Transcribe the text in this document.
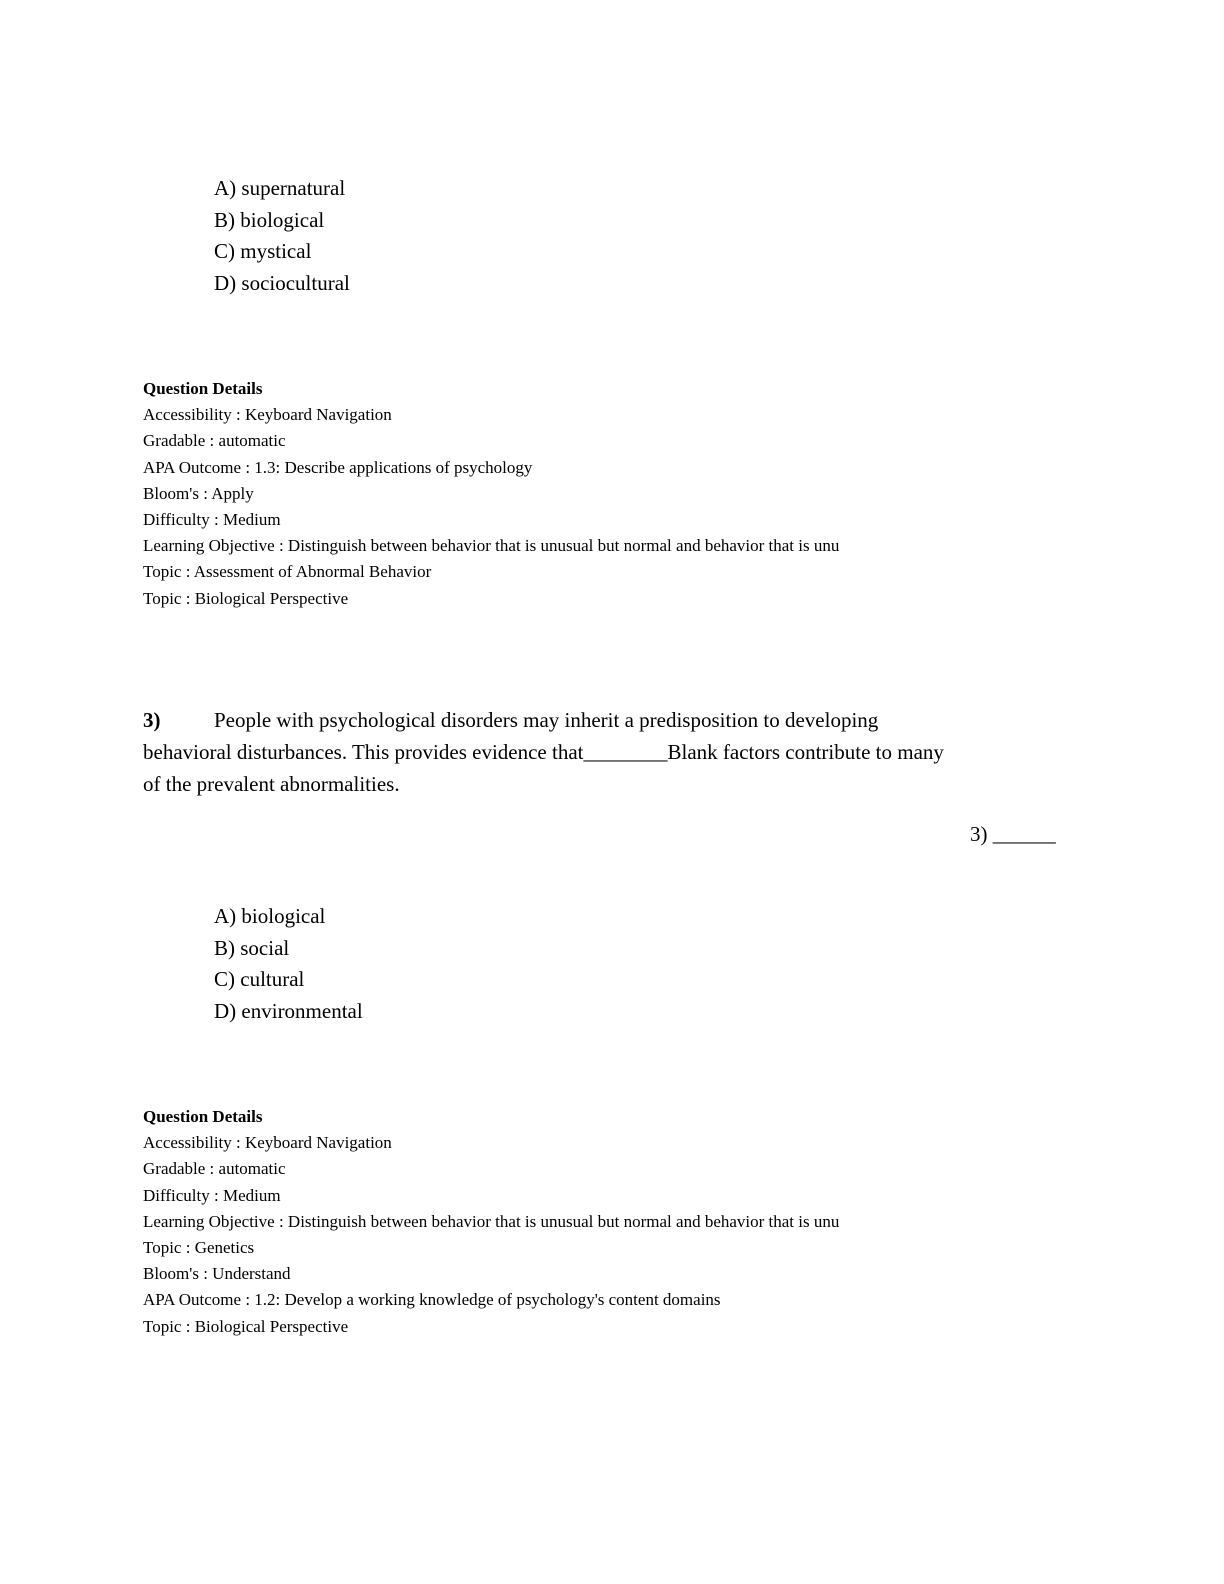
A) supernatural
B) biological
C) mystical
D) sociocultural
Question Details
Accessibility : Keyboard Navigation
Gradable : automatic
APA Outcome : 1.3: Describe applications of psychology
Bloom's : Apply
Difficulty : Medium
Learning Objective : Distinguish between behavior that is unusual but normal and behavior that is unu
Topic : Assessment of Abnormal Behavior
Topic : Biological Perspective
3)	People with psychological disorders may inherit a predisposition to developing
behavioral disturbances. This provides evidence that________Blank factors contribute to many
of the prevalent abnormalities.
3) ______
A) biological
B) social
C) cultural
D) environmental
Question Details
Accessibility : Keyboard Navigation
Gradable : automatic
Difficulty : Medium
Learning Objective : Distinguish between behavior that is unusual but normal and behavior that is unu
Topic : Genetics
Bloom's : Understand
APA Outcome : 1.2: Develop a working knowledge of psychology's content domains
Topic : Biological Perspective
